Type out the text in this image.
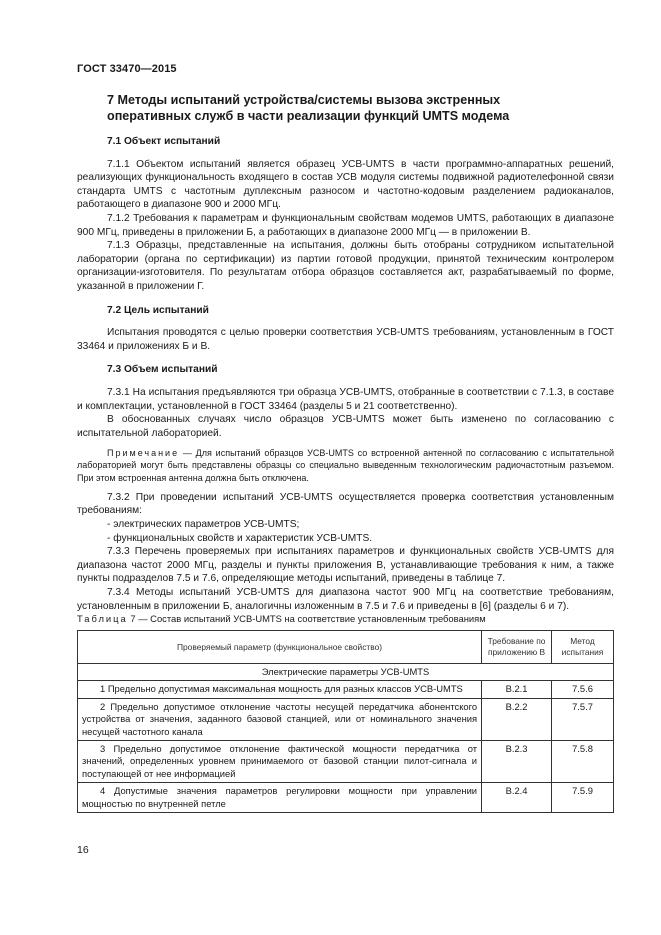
ГОСТ 33470—2015
7 Методы испытаний устройства/системы вызова экстренных оперативных служб в части реализации функций UMTS модема

7.1 Объект испытаний

7.1.1 Объектом испытаний является образец УСВ-UMTS в части программно-аппаратных решений, реализующих функциональность входящего в состав УСВ модуля системы подвижной радиотелефонной связи стандарта UMTS с частотным дуплексным разносом и частотно-кодовым разделением радиоканалов, работающего в диапазоне 900 и 2000 МГц.

7.1.2 Требования к параметрам и функциональным свойствам модемов UMTS, работающих в диапазоне 900 МГц, приведены в приложении Б, а работающих в диапазоне 2000 МГц — в приложении В.

7.1.3 Образцы, представленные на испытания, должны быть отобраны сотрудником испытательной лаборатории (органа по сертификации) из партии готовой продукции, принятой техническим контролером организации-изготовителя. По результатам отбора образцов составляется акт, разрабатываемый по форме, указанной в приложении Г.

7.2 Цель испытаний

Испытания проводятся с целью проверки соответствия УСВ-UMTS требованиям, установленным в ГОСТ 33464 и приложениях Б и В.

7.3 Объем испытаний

7.3.1 На испытания предъявляются три образца УСВ-UMTS, отобранные в соответствии с 7.1.3, в составе и комплектации, установленной в ГОСТ 33464 (разделы 5 и 21 соответственно).

В обоснованных случаях число образцов УСВ-UMTS может быть изменено по согласованию с испытательной лабораторией.

Примечание — Для испытаний образцов УСВ-UMTS со встроенной антенной по согласованию с испытательной лабораторией могут быть представлены образцы со специально выведенным технологическим радиочастотным разъемом. При этом встроенная антенна должна быть отключена.

7.3.2 При проведении испытаний УСВ-UMTS осуществляется проверка соответствия установленным требованиям:

- электрических параметров УСВ-UMTS;

- функциональных свойств и характеристик УСВ-UMTS.

7.3.3 Перечень проверяемых при испытаниях параметров и функциональных свойств УСВ-UMTS для диапазона частот 2000 МГц, разделы и пункты приложения В, устанавливающие требования к ним, а также пункты подразделов 7.5 и 7.6, определяющие методы испытаний, приведены в таблице 7.

7.3.4 Методы испытаний УСВ-UMTS для диапазона частот 900 МГц на соответствие требованиям, установленным в приложении Б, аналогичны изложенным в 7.5 и 7.6 и приведены в [6] (разделы 6 и 7).

Таблица 7 — Состав испытаний УСВ-UMTS на соответствие установленным требованиям
Проверяемый параметр (функциональное свойство)	Требование по приложению В	Метод испытания
Электрические параметры УСВ-UMTS		
1 Предельно допустимая максимальная мощность для разных классов УСВ-UMTS	В.2.1	7.5.6
2 Предельно допустимое отклонение частоты несущей передатчика абонентского устройства от значения, заданного базовой станцией, или от номинального значения несущей частотного канала	В.2.2	7.5.7
3 Предельно допустимое отклонение фактической мощности передатчика от значений, определенных уровнем принимаемого от базовой станции пилот-сигнала и поступающей от нее информацией	В.2.3	7.5.8
4 Допустимые значения параметров регулировки мощности при управлении мощностью по внутренней петле	В.2.4	7.5.9
16
